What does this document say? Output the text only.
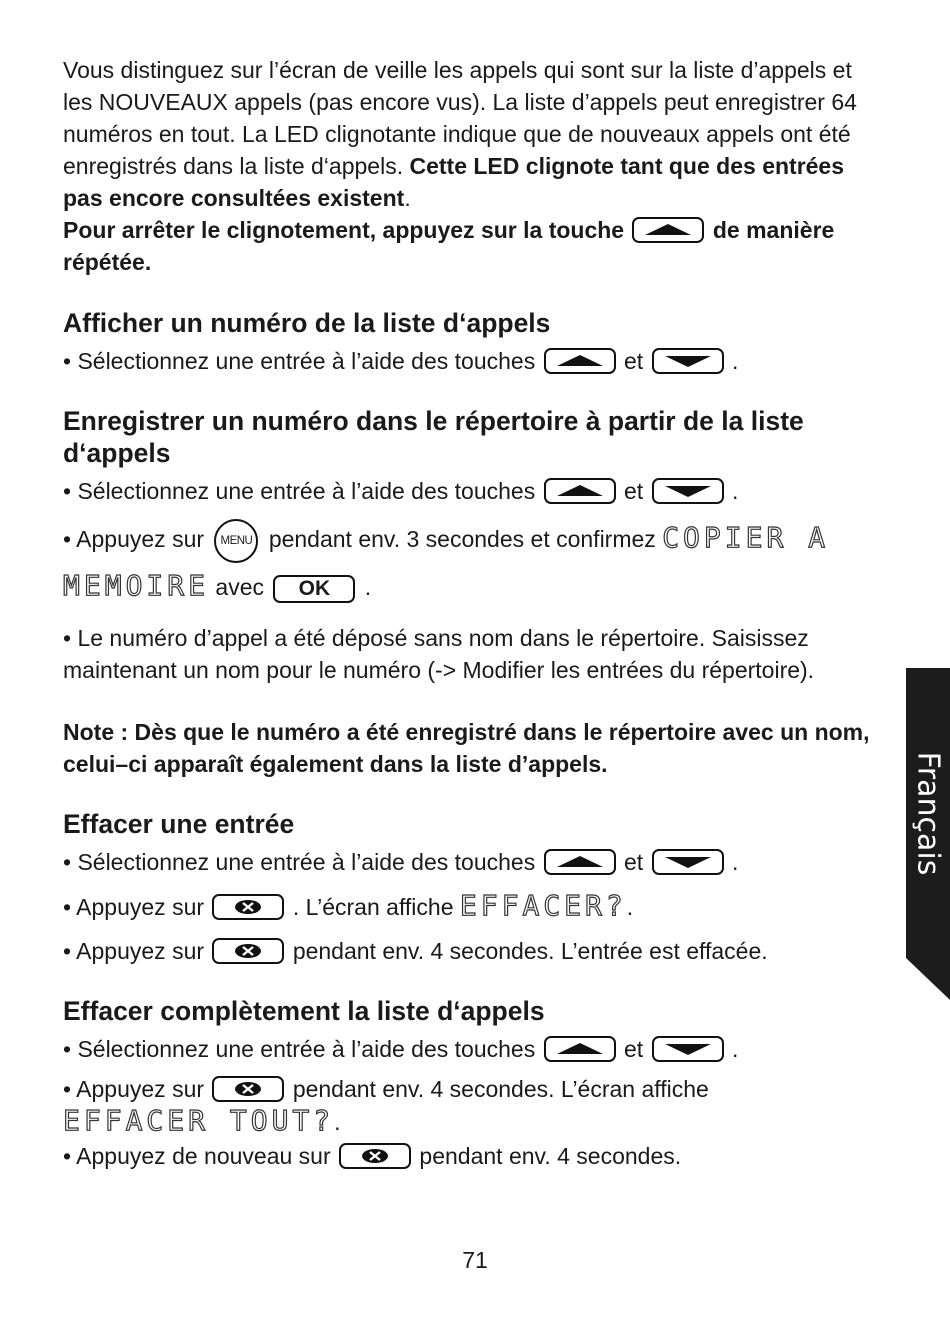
Vous distinguez sur l’écran de veille les appels qui sont sur la liste d’appels et les NOUVEAUX appels (pas encore vus). La liste d’appels peut enregistrer 64 numéros en tout. La LED clignotante indique que de nouveaux appels ont été enregistrés dans la liste d‘appels. Cette LED clignote tant que des entrées pas encore consultées existent.
Pour arrêter le clignotement, appuyez sur la touche	de manière répétée.

Afficher un numéro de la liste d‘appels

• Sélectionnez une entrée à l’aide des touches	et	.

Enregistrer un numéro dans le répertoire à partir de la liste d‘appels

• Sélectionnez une entrée à l’aide des touches	et	.

• Appuyez sur MENU pendant env. 3 secondes et confirmez COPIER A MEMOIRE avec OK .

• Le numéro d’appel a été déposé sans nom dans le répertoire. Saisissez maintenant un nom pour le numéro (-> Modifier les entrées du répertoire).

Note : Dès que le numéro a été enregistré dans le répertoire avec un nom, celui–ci apparaît également dans la liste d’appels.

Effacer une entrée

• Sélectionnez une entrée à l’aide des touches	et	.

• Appuyez sur	. L’écran affiche EFFACER?.

• Appuyez sur	pendant env. 4 secondes. L’entrée est effacée.

Effacer complètement la liste d‘appels

• Sélectionnez une entrée à l’aide des touches	et	.

• Appuyez sur	pendant env. 4 secondes. L’écran affiche
EFFACER TOUT?.

• Appuyez de nouveau sur	pendant env. 4 secondes.

Français
71
